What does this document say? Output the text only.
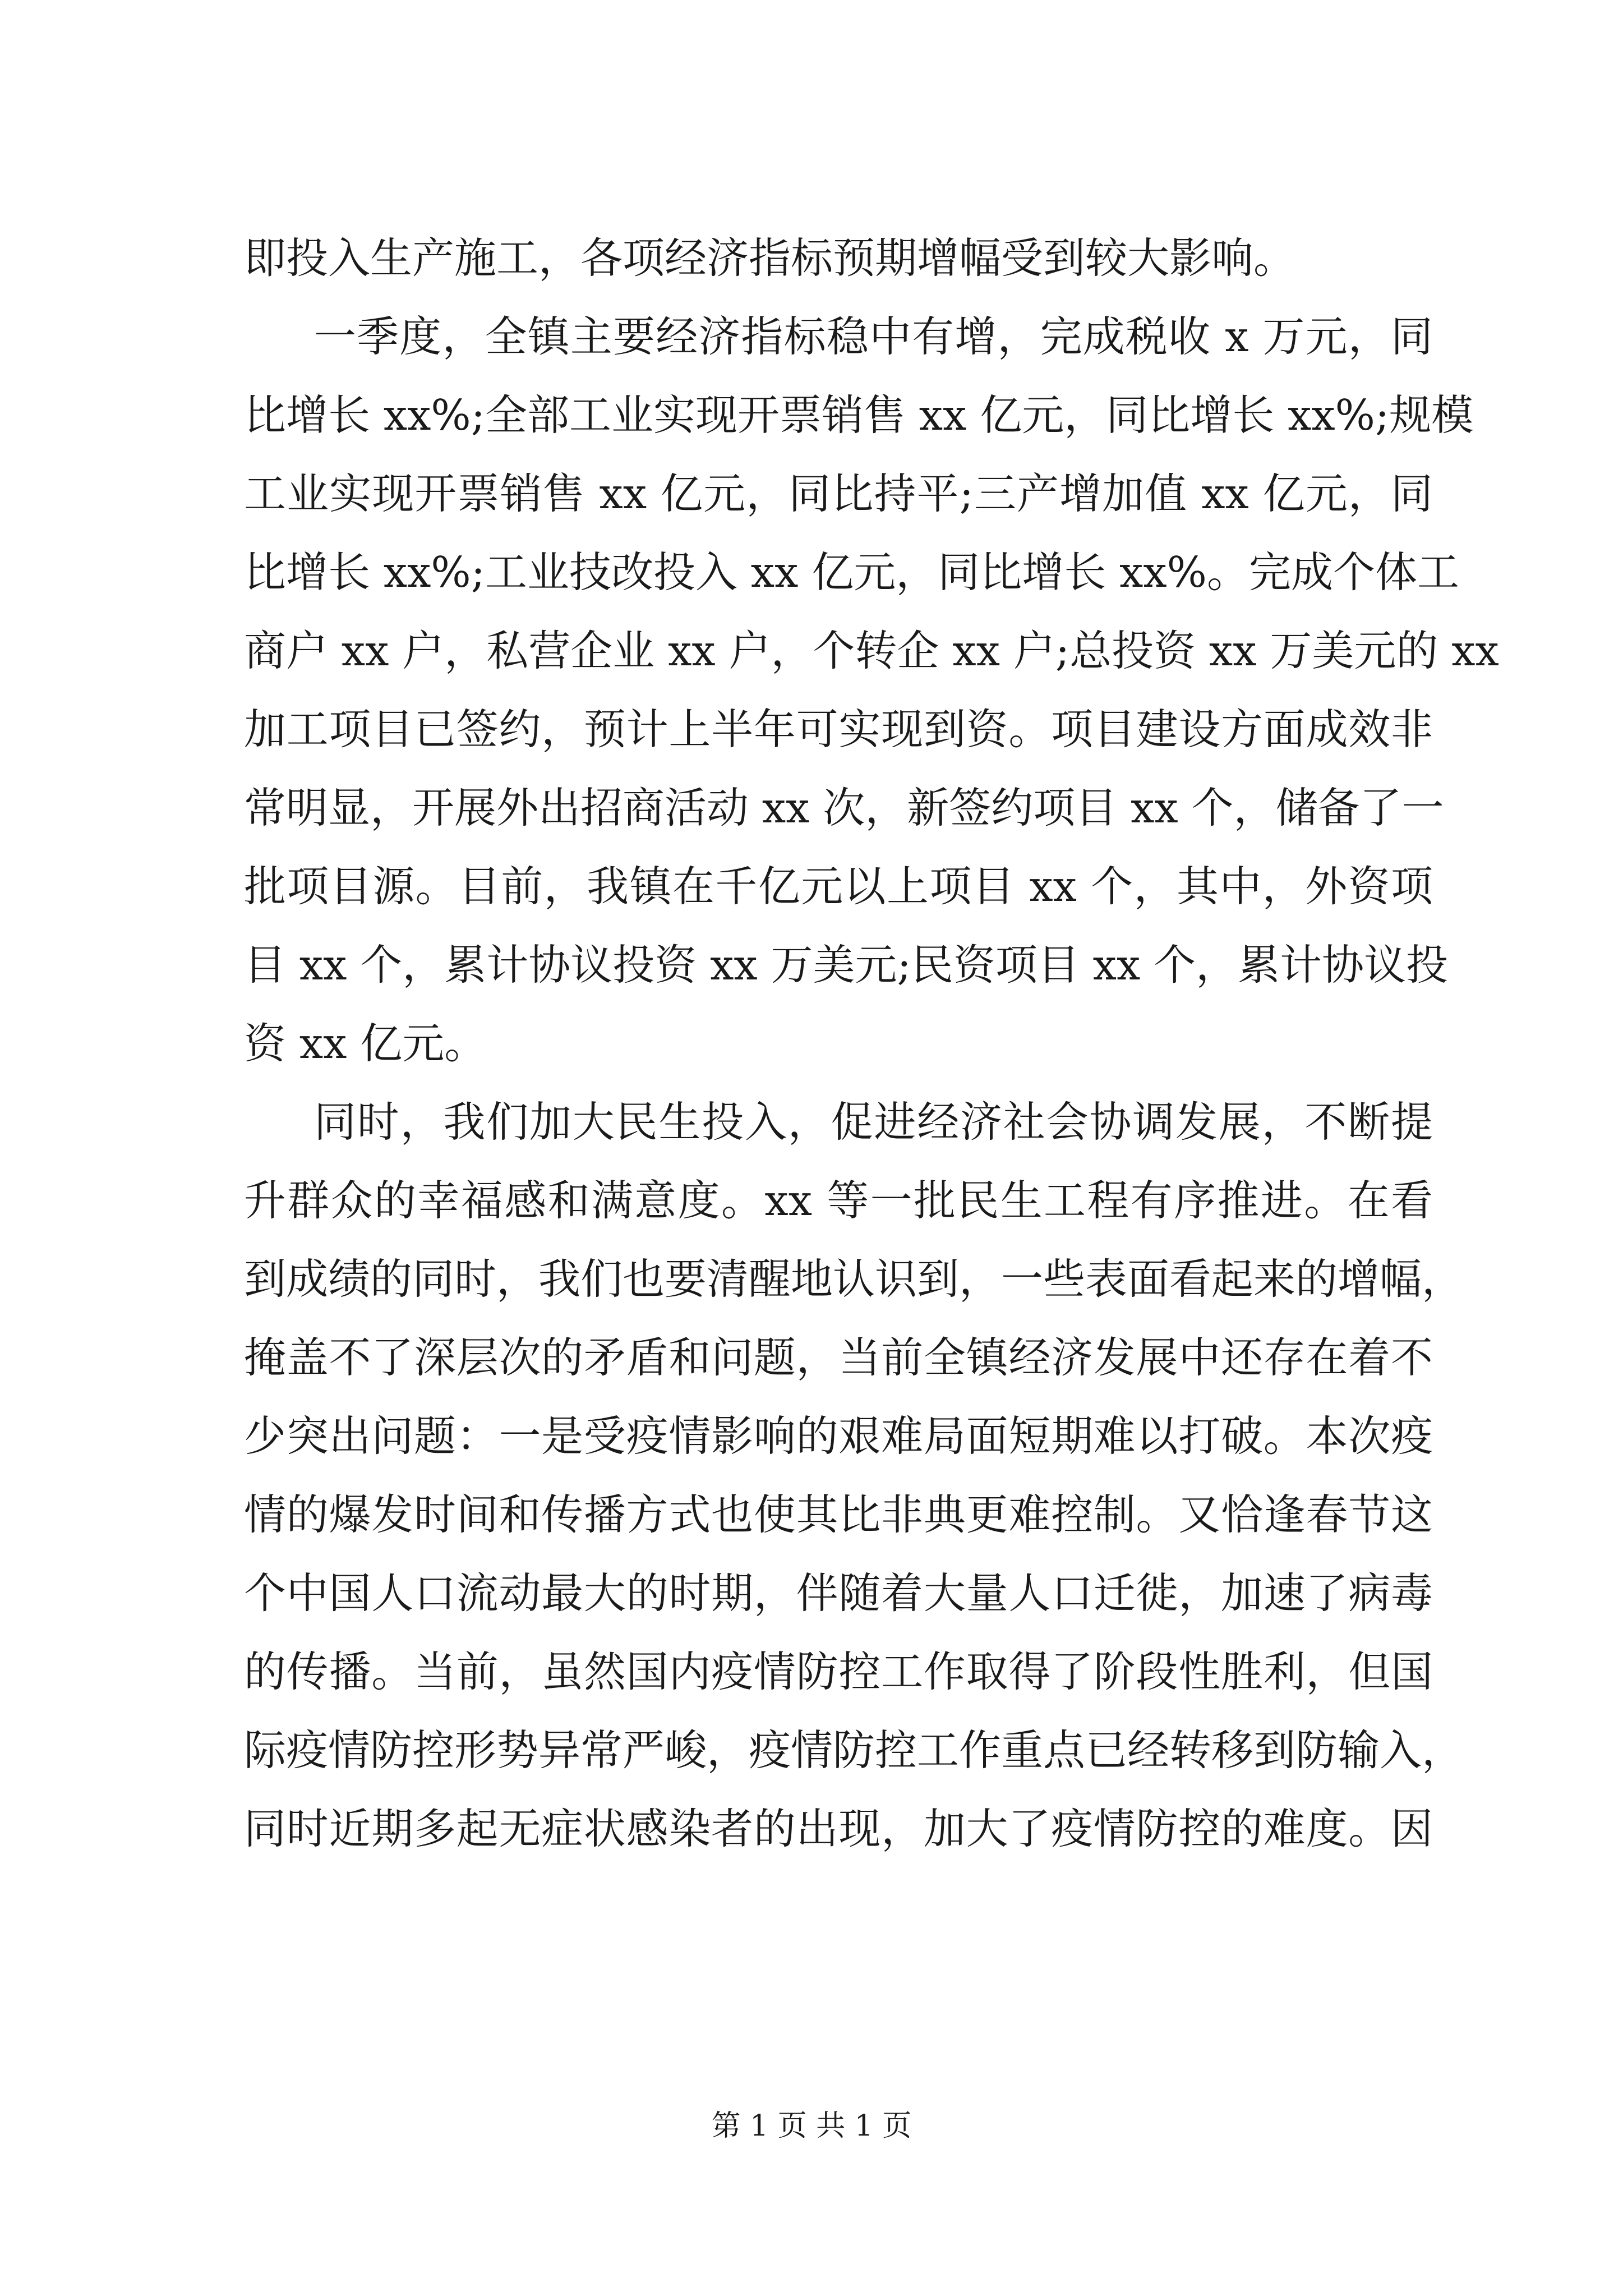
即投入生产施工，各项经济指标预期增幅受到较大影响。
一季度，全镇主要经济指标稳中有增，完成税收 x 万元，同
比增长 xx%;全部工业实现开票销售 xx 亿元，同比增长 xx%;规模
工业实现开票销售 xx 亿元，同比持平;三产增加值 xx 亿元，同
比增长 xx%;工业技改投入 xx 亿元，同比增长 xx%。完成个体工
商户 xx 户，私营企业 xx 户，个转企 xx 户;总投资 xx 万美元的 xx
加工项目已签约，预计上半年可实现到资。项目建设方面成效非
常明显，开展外出招商活动 xx 次，新签约项目 xx 个，储备了一
批项目源。目前，我镇在千亿元以上项目 xx 个，其中，外资项
目 xx 个，累计协议投资 xx 万美元;民资项目 xx 个，累计协议投
资 xx 亿元。
同时，我们加大民生投入，促进经济社会协调发展，不断提
升群众的幸福感和满意度。xx 等一批民生工程有序推进。在看
到成绩的同时，我们也要清醒地认识到，一些表面看起来的增幅，
掩盖不了深层次的矛盾和问题，当前全镇经济发展中还存在着不
少突出问题：一是受疫情影响的艰难局面短期难以打破。本次疫
情的爆发时间和传播方式也使其比非典更难控制。又恰逢春节这
个中国人口流动最大的时期，伴随着大量人口迁徙，加速了病毒
的传播。当前，虽然国内疫情防控工作取得了阶段性胜利，但国
际疫情防控形势异常严峻，疫情防控工作重点已经转移到防输入，
同时近期多起无症状感染者的出现，加大了疫情防控的难度。因
第 1 页 共 1 页
